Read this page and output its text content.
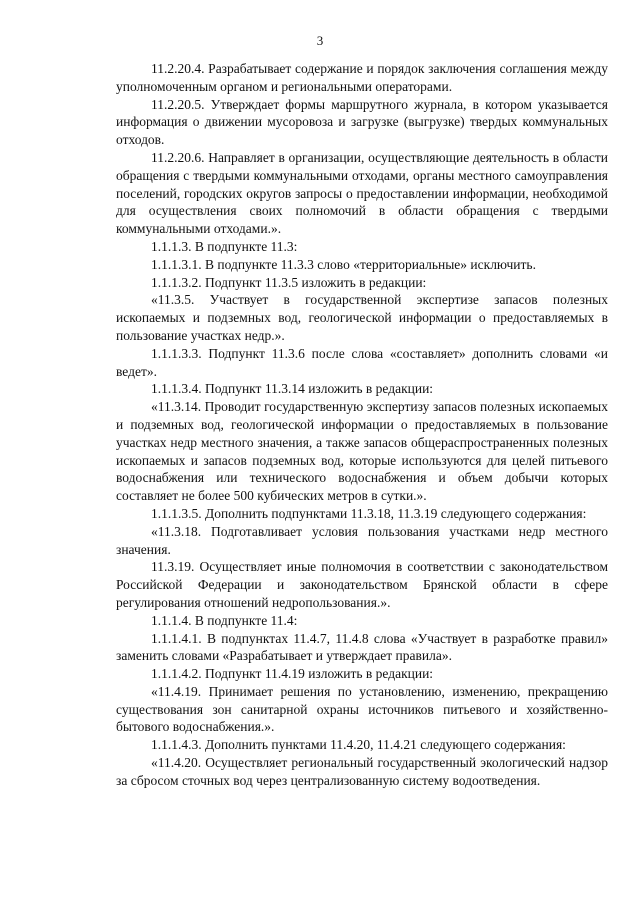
3

11.2.20.4. Разрабатывает содержание и порядок заключения соглашения между уполномоченным органом и региональными операторами.

11.2.20.5. Утверждает формы маршрутного журнала, в котором указывается информация о движении мусоровоза и загрузке (выгрузке) твердых коммунальных отходов.

11.2.20.6. Направляет в организации, осуществляющие деятельность в области обращения с твердыми коммунальными отходами, органы местного самоуправления поселений, городских округов запросы о предоставлении информации, необходимой для осуществления своих полномочий в области обращения с твердыми коммунальными отходами.».

1.1.1.3. В подпункте 11.3:

1.1.1.3.1. В подпункте 11.3.3 слово «территориальные» исключить.

1.1.1.3.2. Подпункт 11.3.5 изложить в редакции:

«11.3.5. Участвует в государственной экспертизе запасов полезных ископаемых и подземных вод, геологической информации о предоставляемых в пользование участках недр.».

1.1.1.3.3. Подпункт 11.3.6 после слова «составляет» дополнить словами «и ведет».

1.1.1.3.4. Подпункт 11.3.14 изложить в редакции:

«11.3.14. Проводит государственную экспертизу запасов полезных ископаемых и подземных вод, геологической информации о предоставляемых в пользование участках недр местного значения, а также запасов общераспространенных полезных ископаемых и запасов подземных вод, которые используются для целей питьевого водоснабжения или технического водоснабжения и объем добычи которых составляет не более 500 кубических метров в сутки.».

1.1.1.3.5. Дополнить подпунктами 11.3.18, 11.3.19 следующего содержания:

«11.3.18. Подготавливает условия пользования участками недр местного значения.

11.3.19. Осуществляет иные полномочия в соответствии с законодательством Российской Федерации и законодательством Брянской области в сфере регулирования отношений недропользования.».

1.1.1.4. В подпункте 11.4:

1.1.1.4.1. В подпунктах 11.4.7, 11.4.8 слова «Участвует в разработке правил» заменить словами «Разрабатывает и утверждает правила».

1.1.1.4.2. Подпункт 11.4.19 изложить в редакции:

«11.4.19. Принимает решения по установлению, изменению, прекращению существования зон санитарной охраны источников питьевого и хозяйственно-бытового водоснабжения.».

1.1.1.4.3. Дополнить пунктами 11.4.20, 11.4.21 следующего содержания:

«11.4.20. Осуществляет региональный государственный экологический надзор за сбросом сточных вод через централизованную систему водоотведения.
